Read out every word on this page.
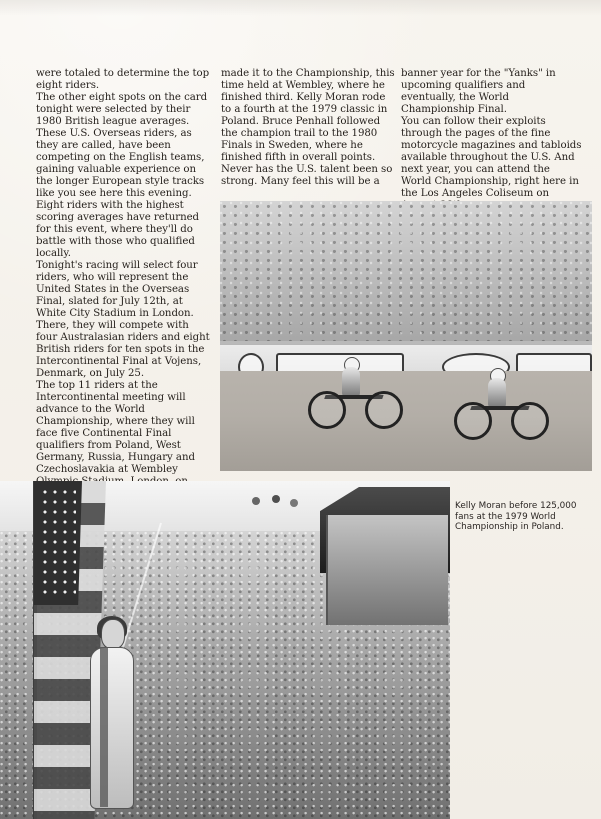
were totaled to determine the top eight riders.

The other eight spots on the card tonight were selected by their 1980 British league averages. These U.S. Overseas riders, as they are called, have been competing on the English teams, gaining valuable experience on the longer European style tracks like you see here this evening. Eight riders with the highest scoring averages have returned for this event, where they'll do battle with those who qualified locally.

Tonight's racing will select four riders, who will represent the United States in the Overseas Final, slated for July 12th, at White City Stadium in London. There, they will compete with four Australasian riders and eight British riders for ten spots in the Intercontinental Final at Vojens, Denmark, on July 25.

The top 11 riders at the Intercontinental meeting will advance to the World Championship, where they will face five Continental Final qualifiers from Poland, West Germany, Russia, Hungary and Czechoslavakia at Wembley

made it to the Championship, this time held at Wembley, where he finished third. Kelly Moran rode to a fourth at the 1979 classic in Poland. Bruce Penhall followed the champion trail to the 1980 Finals in Sweden, where he finished fifth in overall points.

Never has the U.S. talent been so strong. Many feel this will be a

banner year for the "Yanks" in upcoming qualifiers and eventually, the World Championship Final.

You can follow their exploits through the pages of the fine motorcycle magazines and tabloids available throughout the U.S. And next year, you can attend the World Championship, right here in the Los Angeles Coliseum on

Kelly Moran before 125,000 fans at the 1979 World Championship in Poland.
